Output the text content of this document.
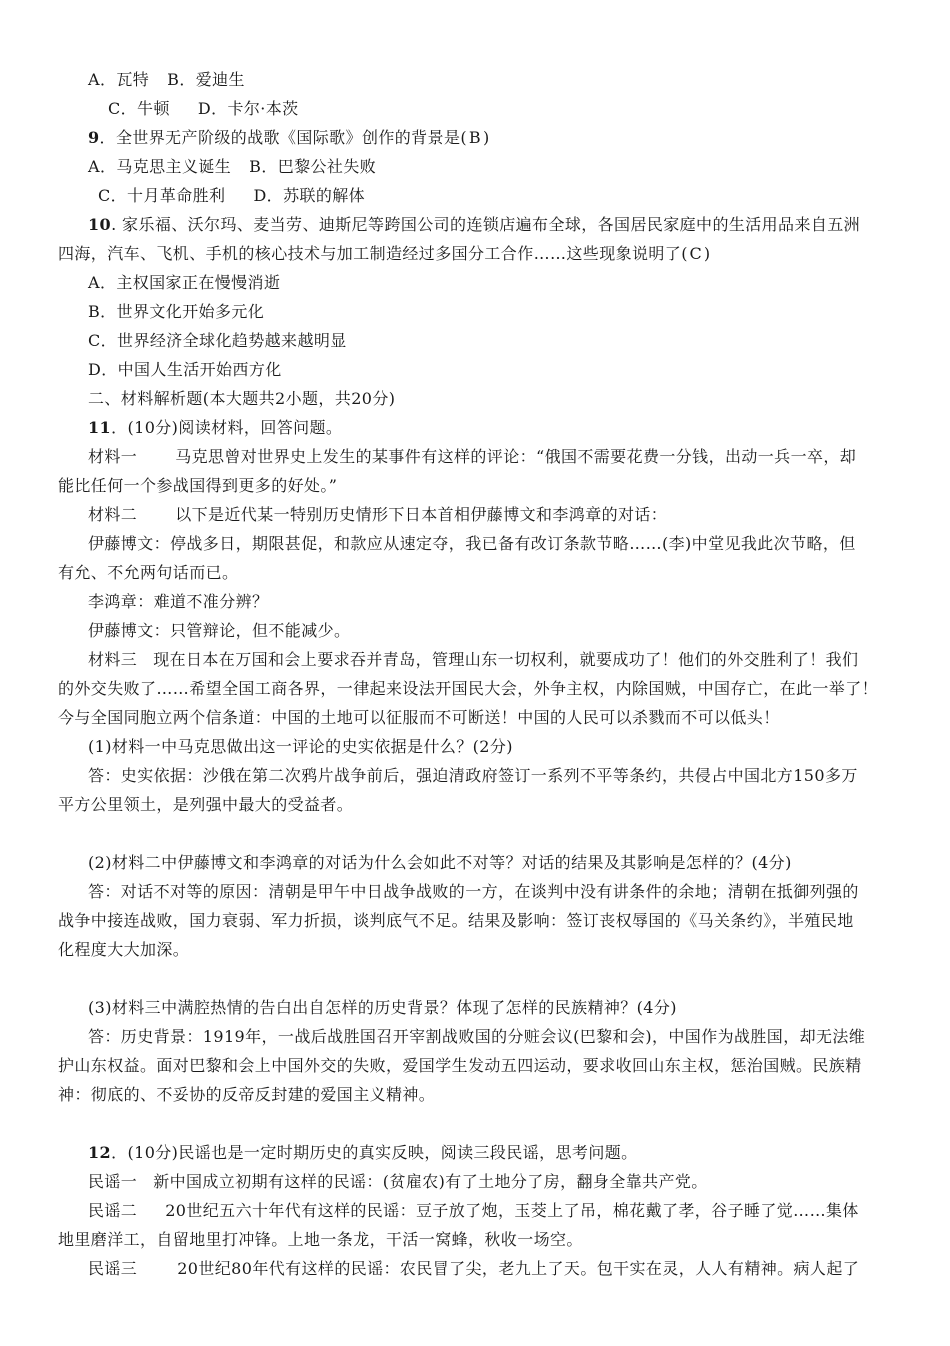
A．瓦特 B．爱迪生
C．牛顿 D．卡尔·本茨
9．全世界无产阶级的战歌《国际歌》创作的背景是( B )
A．马克思主义诞生 B．巴黎公社失败
C．十月革命胜利 D．苏联的解体
10. 家乐福、沃尔玛、麦当劳、迪斯尼等跨国公司的连锁店遍布全球，各国居民家庭中的生活用品来自五洲
四海，汽车、飞机、手机的核心技术与加工制造经过多国分工合作……这些现象说明了( C )
A．主权国家正在慢慢消逝
B．世界文化开始多元化
C．世界经济全球化趋势越来越明显
D．中国人生活开始西方化
二、材料解析题(本大题共2小题，共20分)
11．(10分)阅读材料，回答问题。
材料一 马克思曾对世界史上发生的某事件有这样的评论：“俄国不需要花费一分钱，出动一兵一卒，却
能比任何一个参战国得到更多的好处。”
材料二 以下是近代某一特别历史情形下日本首相伊藤博文和李鸿章的对话：
伊藤博文：停战多日，期限甚促，和款应从速定夺，我已备有改订条款节略……(李)中堂见我此次节略，但
有允、不允两句话而已。
李鸿章：难道不准分辨？
伊藤博文：只管辩论，但不能减少。
材料三 现在日本在万国和会上要求吞并青岛，管理山东一切权利，就要成功了！他们的外交胜利了！我们
的外交失败了……希望全国工商各界，一律起来设法开国民大会，外争主权，内除国贼，中国存亡，在此一举了！
今与全国同胞立两个信条道：中国的土地可以征服而不可断送！中国的人民可以杀戮而不可以低头！
(1)材料一中马克思做出这一评论的史实依据是什么？(2分)
答：史实依据：沙俄在第二次鸦片战争前后，强迫清政府签订一系列不平等条约，共侵占中国北方150多万
平方公里领土，是列强中最大的受益者。
(2)材料二中伊藤博文和李鸿章的对话为什么会如此不对等？对话的结果及其影响是怎样的？(4分)
答：对话不对等的原因：清朝是甲午中日战争战败的一方，在谈判中没有讲条件的余地；清朝在抵御列强的
战争中接连战败，国力衰弱、军力折损，谈判底气不足。结果及影响：签订丧权辱国的《马关条约》，半殖民地
化程度大大加深。
(3)材料三中满腔热情的告白出自怎样的历史背景？体现了怎样的民族精神？(4分)
答：历史背景：1919年，一战后战胜国召开宰割战败国的分赃会议(巴黎和会)，中国作为战胜国，却无法维
护山东权益。面对巴黎和会上中国外交的失败，爱国学生发动五四运动，要求收回山东主权，惩治国贼。民族精
神：彻底的、不妥协的反帝反封建的爱国主义精神。
12．(10分)民谣也是一定时期历史的真实反映，阅读三段民谣，思考问题。
民谣一 新中国成立初期有这样的民谣：(贫雇农)有了土地分了房，翻身全靠共产党。
民谣二 20世纪五六十年代有这样的民谣：豆子放了炮，玉茭上了吊，棉花戴了孝，谷子睡了觉……集体
地里磨洋工，自留地里打冲锋。上地一条龙，干活一窝蜂，秋收一场空。
民谣三	20世纪80年代有这样的民谣：农民冒了尖，老九上了天。包干实在灵，人人有精神。病人起了
